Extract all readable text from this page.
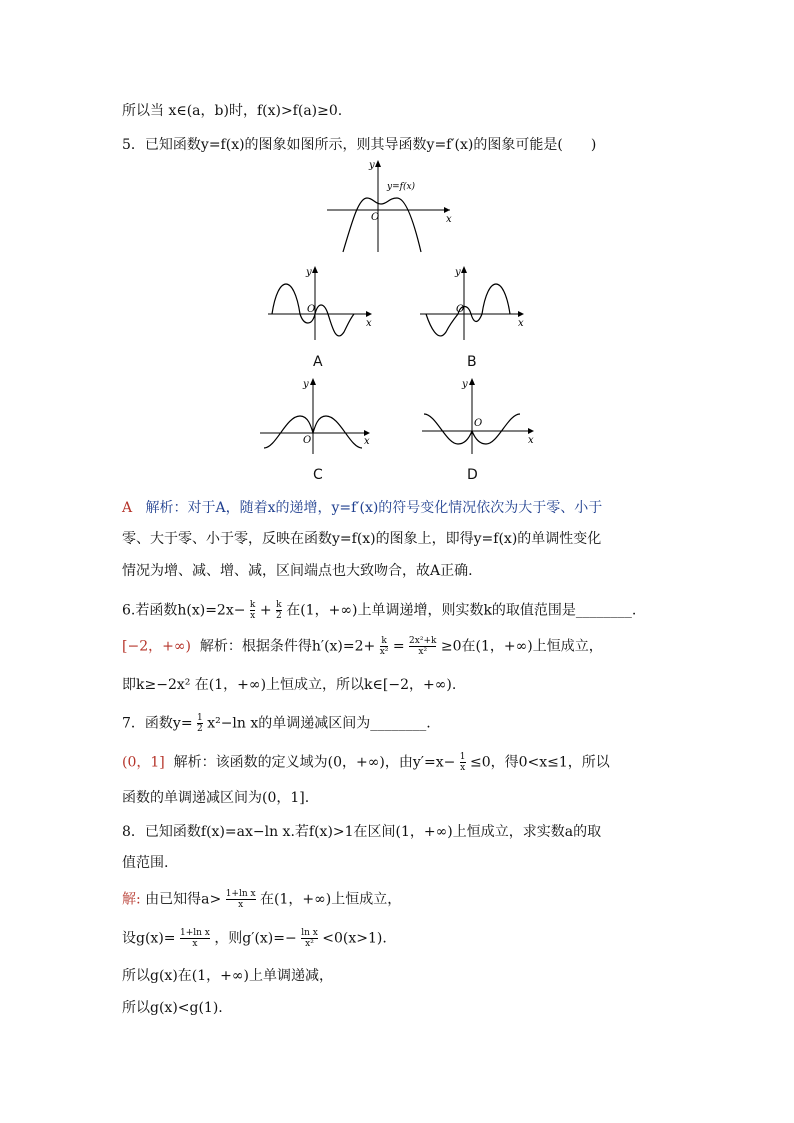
所以当 x∈(a，b)时，f(x)>f(a)≥0.
5．已知函数y=f(x)的图象如图所示，则其导函数y=f′(x)的图象可能是(　　)
y
x
O
y=f(x)
y
x
O
A
y
x
O
B
y
x
O
C
y
x
O
D
A 解析：对于A，随着x的递增，y=f′(x)的符号变化情况依次为大于零、小于
零、大于零、小于零，反映在函数y=f(x)的图象上，即得y=f(x)的单调性变化
情况为增、减、增、减，区间端点也大致吻合，故A正确.
6.若函数$h(x)=2x- \frac{k}{x} + \frac{k}{2}$ 在(1，+∞)上单调递增，则实数k的取值范围是________.
[−2，+∞) 解析：根据条件得$h'(x)=2+ \frac{k}{\text{x²}} = \frac{\text{2x²+k}}{\text{x²}} \ge 0$在(1，+∞)上恒成立，
即k≥−2x² 在(1，+∞)上恒成立，所以k∈[−2，+∞).
7．函数$y= \frac{1}{2} x^2-\ln$ x的单调递减区间为________.
(0，1] 解析：该函数的定义域为(0，+∞)，由$y'=x- \frac{1}{x} \le 0$，得0<x≤1，所以
函数的单调递减区间为(0，1].
8．已知函数f(x)=ax−ln x.若f(x)>1在区间(1，+∞)上恒成立，求实数a的取
值范围.
解: 由已知得$a> \frac{\text{1+ln x}}{x}$ 在(1，+∞)上恒成立，
设$g(x)= \frac{\text{1+ln x}}{x}$ ，则$g'(x)=- \frac{\text{ln x}}{\text{x²}} <0(x>1)$.
所以g(x)在(1，+∞)上单调递减，
所以g(x)<g(1).
